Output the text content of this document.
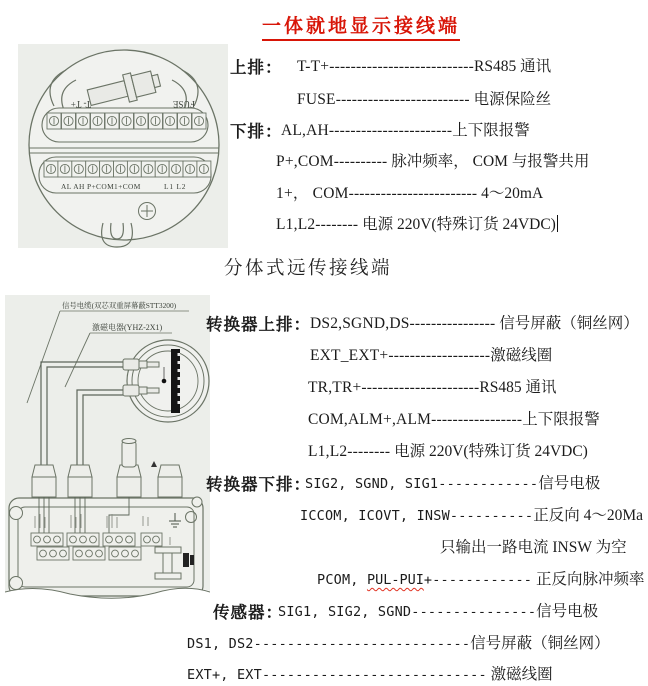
一体就地显示接线端
T- T+	FUSE
AL AH P+COM1+COM	L1 L2
信号电缆(双芯双重屏幕蔽STT3200)
激磁电器(YHZ-2X1)
上排： T-T+---------------------------RS485 通讯
FUSE------------------------- 电源保险丝
下排：
AL,AH-----------------------上下限报警
P+,COM---------- 脉冲频率， COM 与报警共用
1+， COM------------------------ 4～20mA
L1,L2-------- 电源 220V(特殊订货 24VDC)
分体式远传接线端
转换器上排： DS2,SGND,DS---------------- 信号屏蔽（铜丝网）
EXT_EXT+-------------------激磁线圈
TR,TR+----------------------RS485 通讯
COM,ALM+,ALM-----------------上下限报警
L1,L2-------- 电源 220V(特殊订货 24VDC)
转换器下排：
SIG2, SGND, SIG1------------信号电极
ICCOM, ICOVT, INSW----------正反向 4～20Ma
只输出一路电流 INSW 为空
PCOM, PUL-PUI+------------ 正反向脉冲频率
传感器：
SIG1, SIG2, SGND---------------信号电极
DS1, DS2--------------------------信号屏蔽（铜丝网）
EXT+, EXT--------------------------- 激磁线圈
